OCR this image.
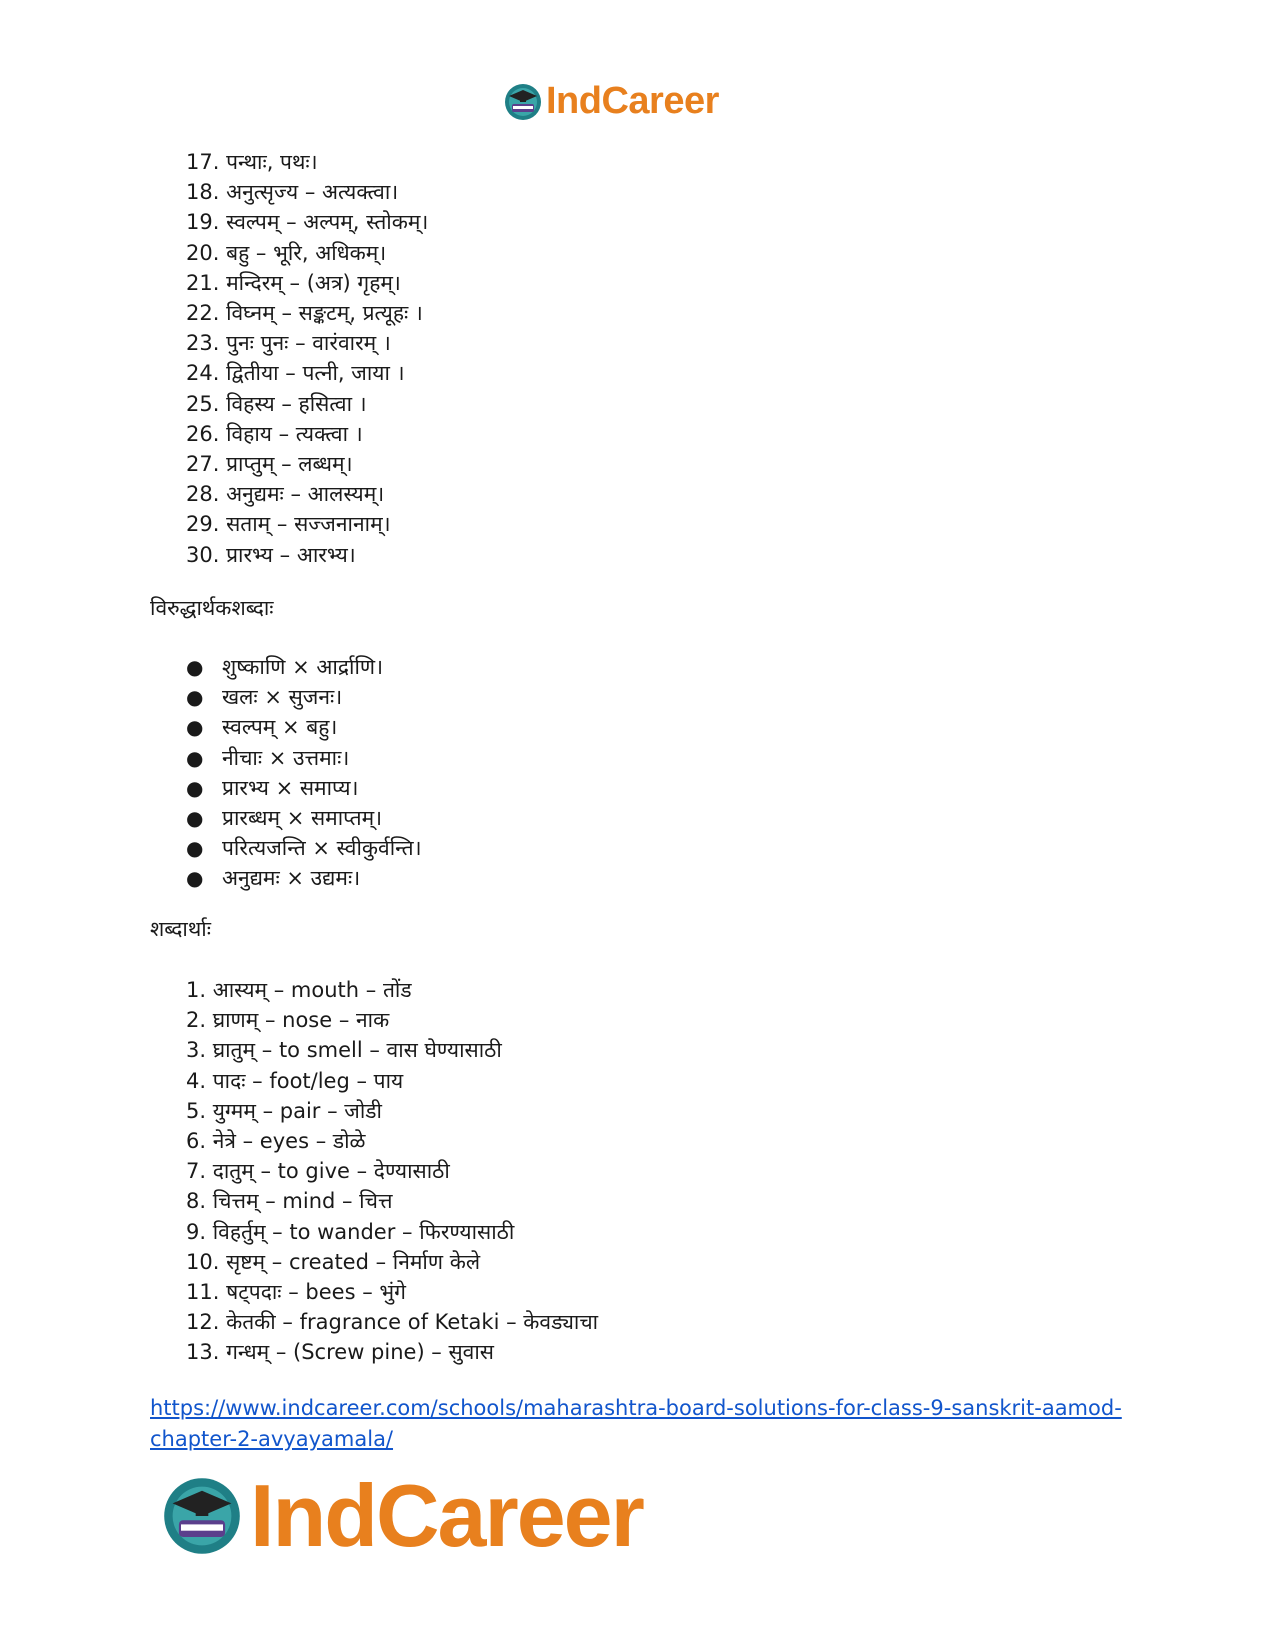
IndCareer
17. पन्थाः, पथः।
18. अनुत्सृज्य – अत्यक्त्वा।
19. स्वल्पम् – अल्पम्, स्तोकम्।
20. बहु – भूरि, अधिकम्।
21. मन्दिरम् – (अत्र) गृहम्।
22. विघ्नम् – सङ्कटम्, प्रत्यूहः ।
23. पुनः पुनः – वारंवारम् ।
24. द्वितीया – पत्नी, जाया ।
25. विहस्य – हसित्वा ।
26. विहाय – त्यक्त्वा ।
27. प्राप्तुम् – लब्धम्।
28. अनुद्यमः – आलस्यम्।
29. सताम् – सज्जनानाम्।
30. प्रारभ्य – आरभ्य।
विरुद्धार्थकशब्दाः
● शुष्काणि × आर्द्राणि।
● खलः × सुजनः।
● स्वल्पम् × बहु।
● नीचाः × उत्तमाः।
● प्रारभ्य × समाप्य।
● प्रारब्धम् × समाप्तम्।
● परित्यजन्ति × स्वीकुर्वन्ति।
● अनुद्यमः × उद्यमः।
शब्दार्थाः
1. आस्यम् – mouth – तोंड
2. घ्राणम् – nose – नाक
3. घ्रातुम् – to smell – वास घेण्यासाठी
4. पादः – foot/leg – पाय
5. युग्मम् – pair – जोडी
6. नेत्रे – eyes – डोळे
7. दातुम् – to give – देण्यासाठी
8. चित्तम् – mind – चित्त
9. विहर्तुम् – to wander – फिरण्यासाठी
10. सृष्टम् – created – निर्माण केले
11. षट्पदाः – bees – भुंगे
12. केतकी – fragrance of Ketaki – केवड्याचा
13. गन्धम् – (Screw pine) – सुवास
https://www.indcareer.com/schools/maharashtra-board-solutions-for-class-9-sanskrit-aamod-chapter-2-avyayamala/
IndCareer
